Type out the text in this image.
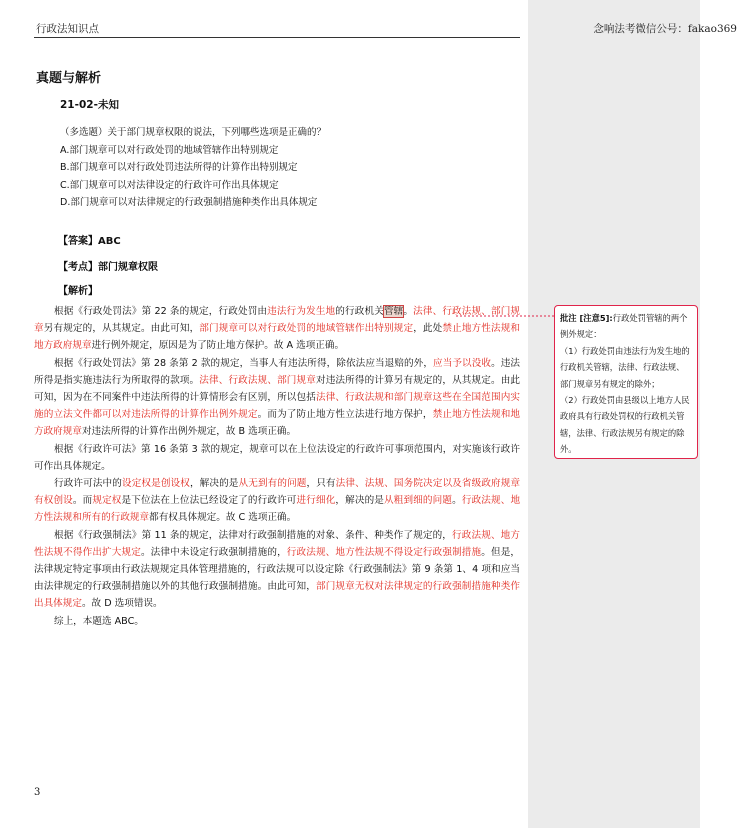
行政法知识点	念响法考微信公号：fakao369
真题与解析
21-02-未知
（多选题）关于部门规章权限的说法，下列哪些选项是正确的？
A.部门规章可以对行政处罚的地域管辖作出特别规定
B.部门规章可以对行政处罚违法所得的计算作出特别规定
C.部门规章可以对法律设定的行政许可作出具体规定
D.部门规章可以对法律规定的行政强制措施种类作出具体规定
【答案】ABC
【考点】部门规章权限
【解析】

根据《行政处罚法》第 22 条的规定，行政处罚由违法行为发生地的行政机关管辖。法律、行政法规、部门规章另有规定的，从其规定。由此可知，部门规章可以对行政处罚的地域管辖作出特别规定，此处禁止地方性法规和地方政府规章进行例外规定，原因是为了防止地方保护。故 A 选项正确。

根据《行政处罚法》第 28 条第 2 款的规定，当事人有违法所得，除依法应当退赔的外，应当予以没收。违法所得是指实施违法行为所取得的款项。法律、行政法规、部门规章对违法所得的计算另有规定的，从其规定。由此可知，因为在不同案件中违法所得的计算情形会有区别，所以包括法律、行政法规和部门规章这些在全国范围内实施的立法文件都可以对违法所得的计算作出例外规定。而为了防止地方性立法进行地方保护，禁止地方性法规和地方政府规章对违法所得的计算作出例外规定，故 B 选项正确。

根据《行政许可法》第 16 条第 3 款的规定，规章可以在上位法设定的行政许可事项范围内，对实施该行政许可作出具体规定。

行政许可法中的设定权是创设权，解决的是从无到有的问题，只有法律、法规、国务院决定以及省级政府规章有权创设。而规定权是下位法在上位法已经设定了的行政许可进行细化，解决的是从粗到细的问题。行政法规、地方性法规和所有的行政规章都有权具体规定。故 C 选项正确。

根据《行政强制法》第 11 条的规定，法律对行政强制措施的对象、条件、种类作了规定的，行政法规、地方性法规不得作出扩大规定。法律中未设定行政强制措施的，行政法规、地方性法规不得设定行政强制措施。但是，法律规定特定事项由行政法规规定具体管理措施的，行政法规可以设定除《行政强制法》第 9 条第 1、4 项和应当由法律规定的行政强制措施以外的其他行政强制措施。由此可知，部门规章无权对法律规定的行政强制措施种类作出具体规定。故 D 选项错误。

综上，本题选 ABC。

3

批注 [注意5]:行政处罚管辖的两个例外规定：

（1）行政处罚由违法行为发生地的行政机关管辖，法律、行政法规、部门规章另有规定的除外；

（2）行政处罚由县级以上地方人民政府具有行政处罚权的行政机关管辖，法律、行政法规另有规定的除外。
